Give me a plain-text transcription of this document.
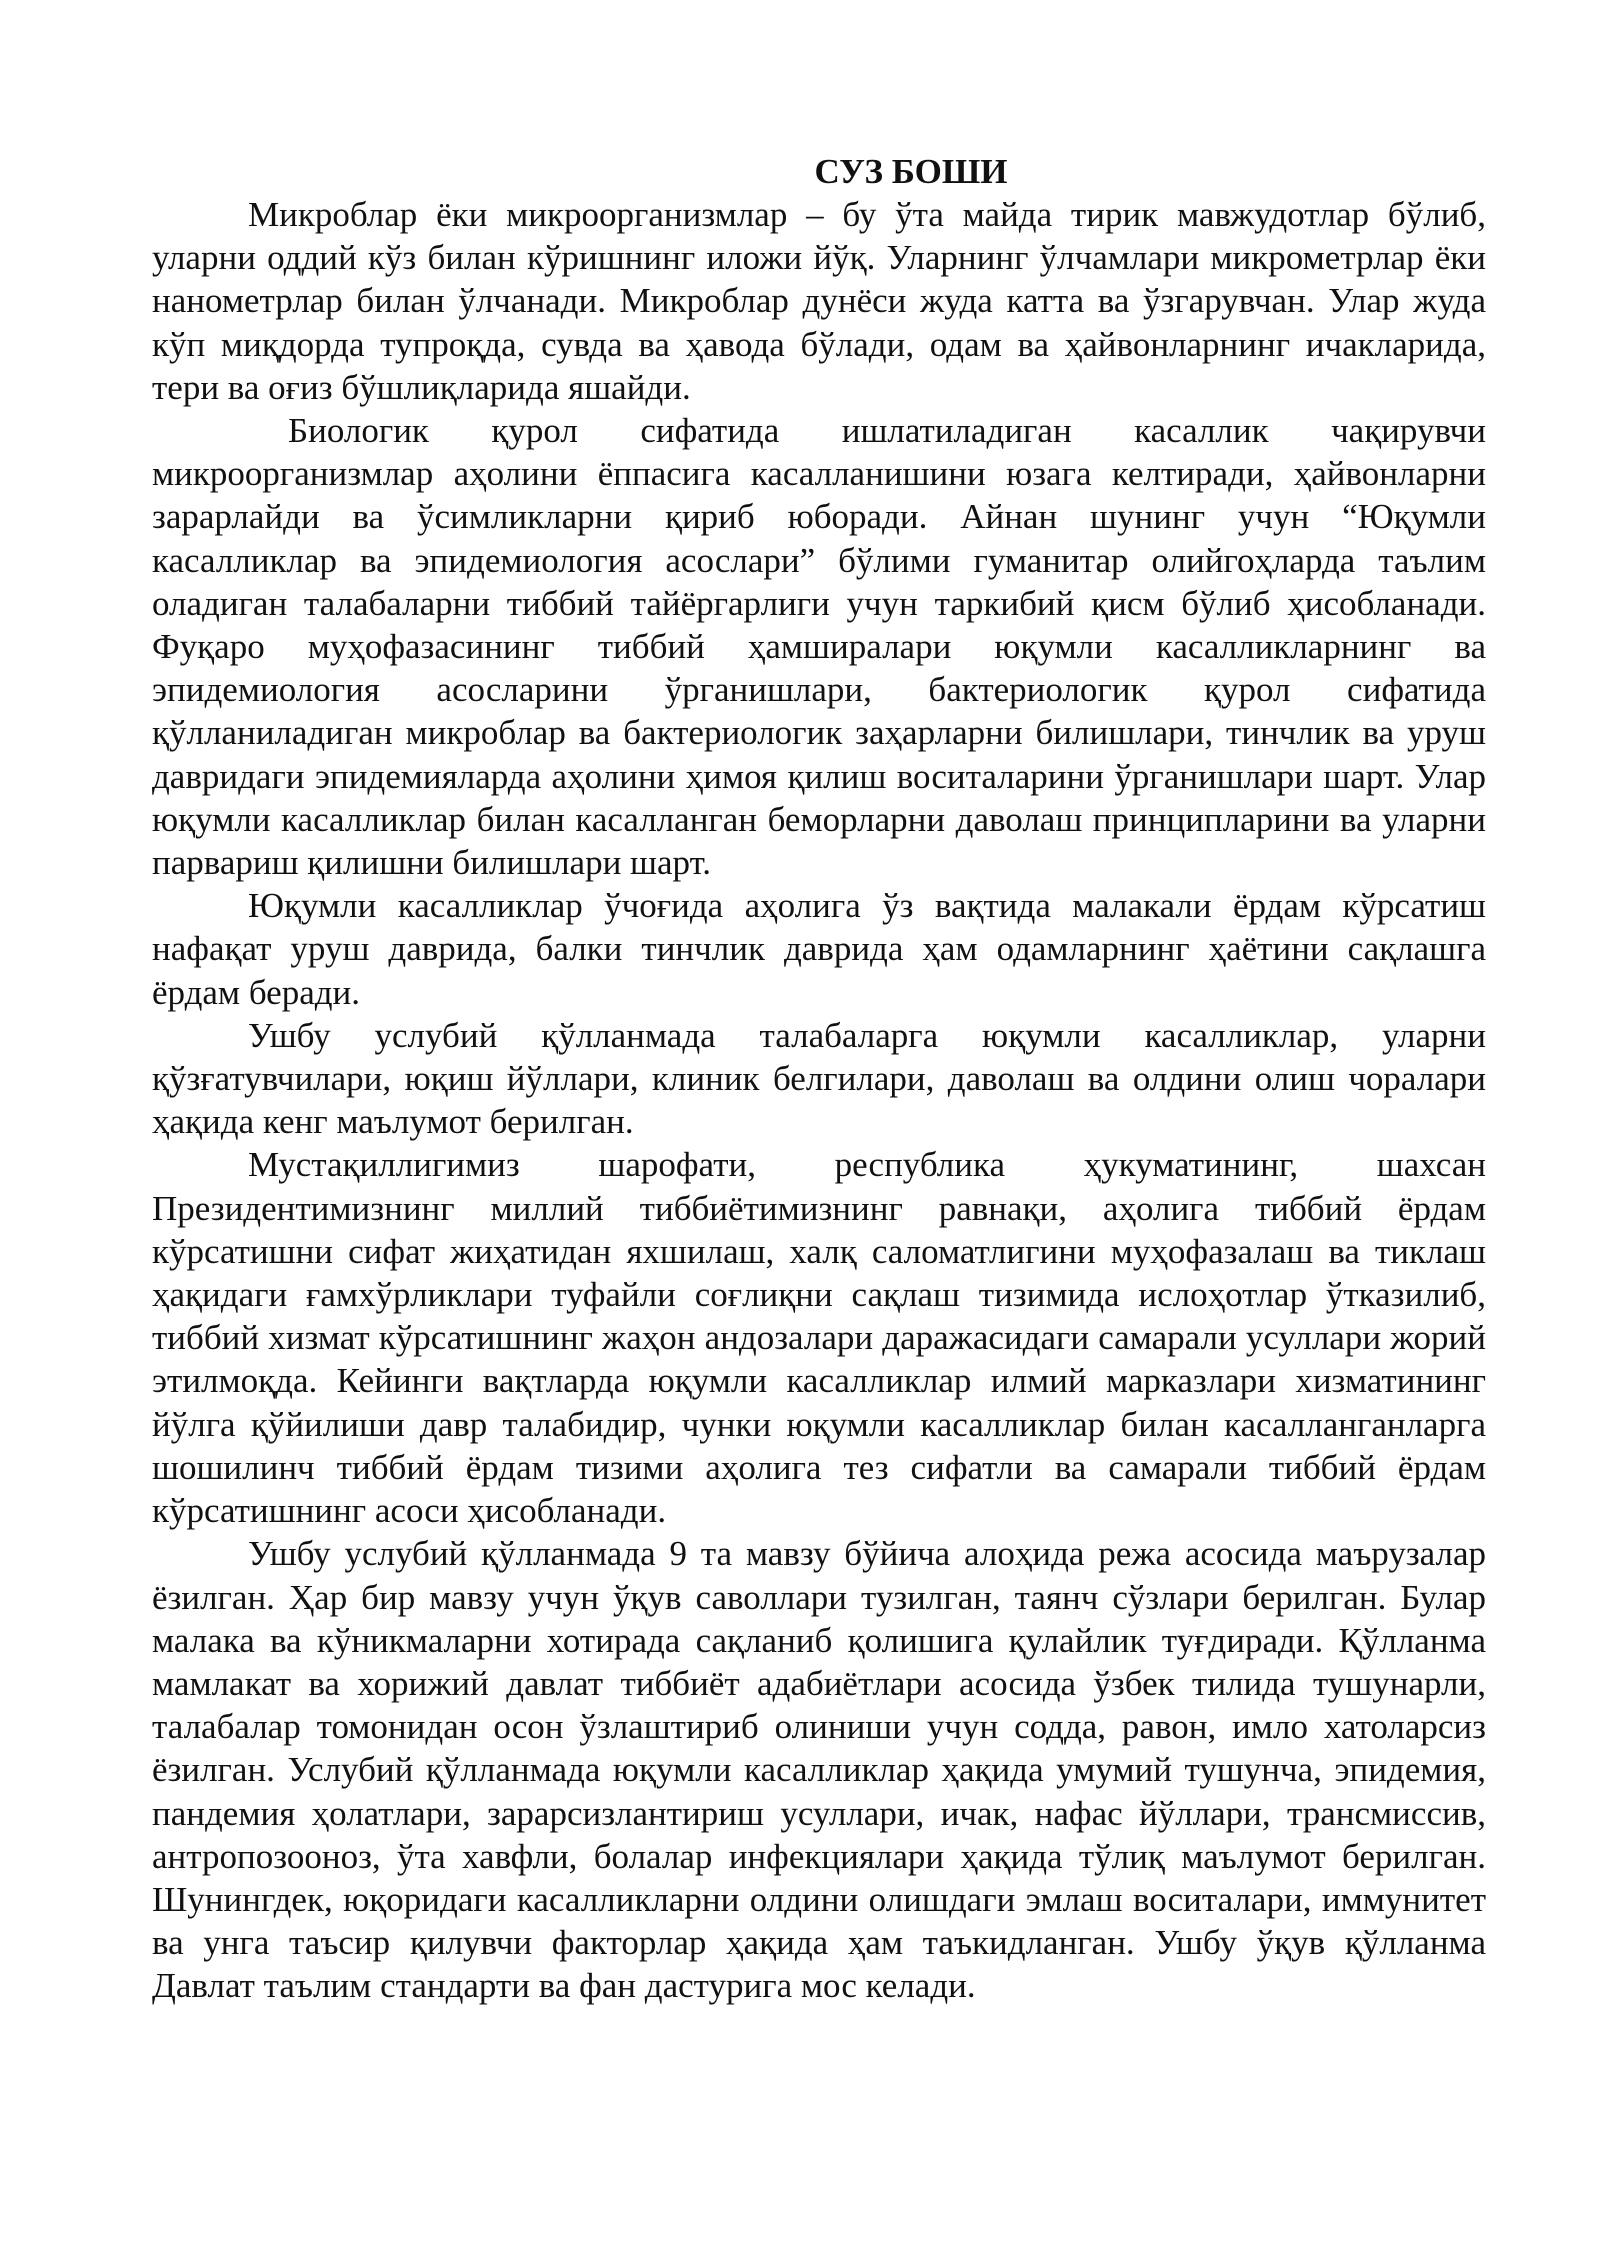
СУЗ БОШИ

Микроблар ёки микроорганизмлар – бу ўта майда тирик мавжудотлар бўлиб, уларни оддий кўз билан кўришнинг иложи йўқ. Уларнинг ўлчамлари микрометрлар ёки нанометрлар билан ўлчанади. Микроблар дунёси жуда катта ва ўзгарувчан. Улар жуда кўп миқдорда тупроқда, сувда ва ҳавода бўлади, одам ва ҳайвонларнинг ичакларида, тери ва оғиз бўшлиқларида яшайди.

Биологик қурол сифатида ишлатиладиган касаллик чақирувчи микроорганизмлар аҳолини ёппасига касалланишини юзага келтиради, ҳайвонларни зарарлайди ва ўсимликларни қириб юборади. Айнан шунинг учун “Юқумли касалликлар ва эпидемиология асослари” бўлими гуманитар олийгоҳларда таълим оладиган талабаларни тиббий тайёргарлиги учун таркибий қисм бўлиб ҳисобланади. Фуқаро муҳофазасининг тиббий ҳамширалари юқумли касалликларнинг ва эпидемиология асосларини ўрганишлари, бактериологик қурол сифатида қўлланиладиган микроблар ва бактериологик заҳарларни билишлари, тинчлик ва уруш давридаги эпидемияларда аҳолини ҳимоя қилиш воситаларини ўрганишлари шарт. Улар юқумли касалликлар билан касалланган беморларни даволаш принципларини ва уларни парвариш қилишни билишлари шарт.

Юқумли касалликлар ўчоғида аҳолига ўз вақтида малакали ёрдам кўрсатиш нафақат уруш даврида, балки тинчлик даврида ҳам одамларнинг ҳаётини сақлашга ёрдам беради.

Ушбу услубий қўлланмада талабаларга юқумли касалликлар, уларни қўзғатувчилари, юқиш йўллари, клиник белгилари, даволаш ва олдини олиш чоралари ҳақида кенг маълумот берилган.

Мустақиллигимиз шарофати, республика ҳукуматининг, шахсан Президентимизнинг миллий тиббиётимизнинг равнақи, аҳолига тиббий ёрдам кўрсатишни сифат жиҳатидан яхшилаш, халқ саломатлигини муҳофазалаш ва тиклаш ҳақидаги ғамхўрликлари туфайли соғлиқни сақлаш тизимида ислоҳотлар ўтказилиб, тиббий хизмат кўрсатишнинг жаҳон андозалари даражасидаги самарали усуллари жорий этилмоқда. Кейинги вақтларда юқумли касалликлар илмий марказлари хизматининг йўлга қўйилиши давр талабидир, чунки юқумли касалликлар билан касалланганларга шошилинч тиббий ёрдам тизими аҳолига тез сифатли ва самарали тиббий ёрдам кўрсатишнинг асоси ҳисобланади.

Ушбу услубий қўлланмада 9 та мавзу бўйича алоҳида режа асосида маърузалар ёзилган. Ҳар бир мавзу учун ўқув саволлари тузилган, таянч сўзлари берилган. Булар малака ва кўникмаларни хотирада сақланиб қолишига қулайлик туғдиради. Қўлланма мамлакат ва хорижий давлат тиббиёт адабиётлари асосида ўзбек тилида тушунарли, талабалар томонидан осон ўзлаштириб олиниши учун содда, равон, имло хатоларсиз ёзилган. Услубий қўлланмада юқумли касалликлар ҳақида умумий тушунча, эпидемия, пандемия ҳолатлари, зарарсизлантириш усуллари, ичак, нафас йўллари, трансмиссив, антропозооноз, ўта хавфли, болалар инфекциялари ҳақида тўлиқ маълумот берилган. Шунингдек, юқоридаги касалликларни олдини олишдаги эмлаш воситалари, иммунитет ва унга таъсир қилувчи факторлар ҳақида ҳам таъкидланган. Ушбу ўқув қўлланма Давлат таълим стандарти ва фан дастурига мос келади.
